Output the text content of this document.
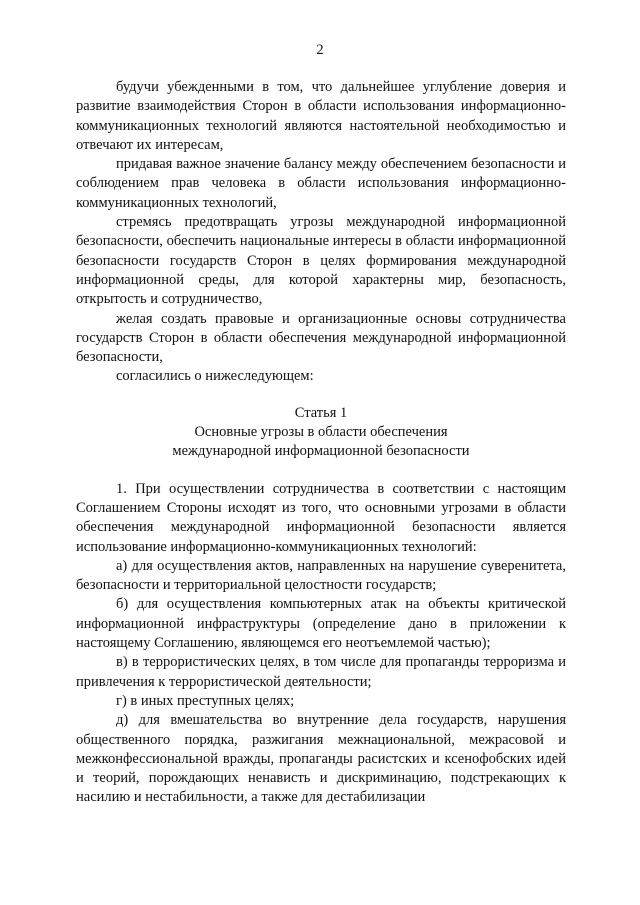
2

будучи убежденными в том, что дальнейшее углубление доверия и развитие взаимодействия Сторон в области использования информационно-коммуникационных технологий являются настоятельной необходимостью и отвечают их интересам,

придавая важное значение балансу между обеспечением безопасности и соблюдением прав человека в области использования информационно-коммуникационных технологий,

стремясь предотвращать угрозы международной информационной безопасности, обеспечить национальные интересы в области информационной безопасности государств Сторон в целях формирования международной информационной среды, для которой характерны мир, безопасность, открытость и сотрудничество,

желая создать правовые и организационные основы сотрудничества государств Сторон в области обеспечения международной информационной безопасности,

согласились о нижеследующем:

Статья 1
Основные угрозы в области обеспечения
международной информационной безопасности

1. При осуществлении сотрудничества в соответствии с настоящим Соглашением Стороны исходят из того, что основными угрозами в области обеспечения международной информационной безопасности является использование информационно-коммуникационных технологий:

а) для осуществления актов, направленных на нарушение суверенитета, безопасности и территориальной целостности государств;

б) для осуществления компьютерных атак на объекты критической информационной инфраструктуры (определение дано в приложении к настоящему Соглашению, являющемся его неотъемлемой частью);

в) в террористических целях, в том числе для пропаганды терроризма и привлечения к террористической деятельности;

г) в иных преступных целях;

д) для вмешательства во внутренние дела государств, нарушения общественного порядка, разжигания межнациональной, межрасовой и межконфессиональной вражды, пропаганды расистских и ксенофобских идей и теорий, порождающих ненависть и дискриминацию, подстрекающих к насилию и нестабильности, а также для дестабилизации
